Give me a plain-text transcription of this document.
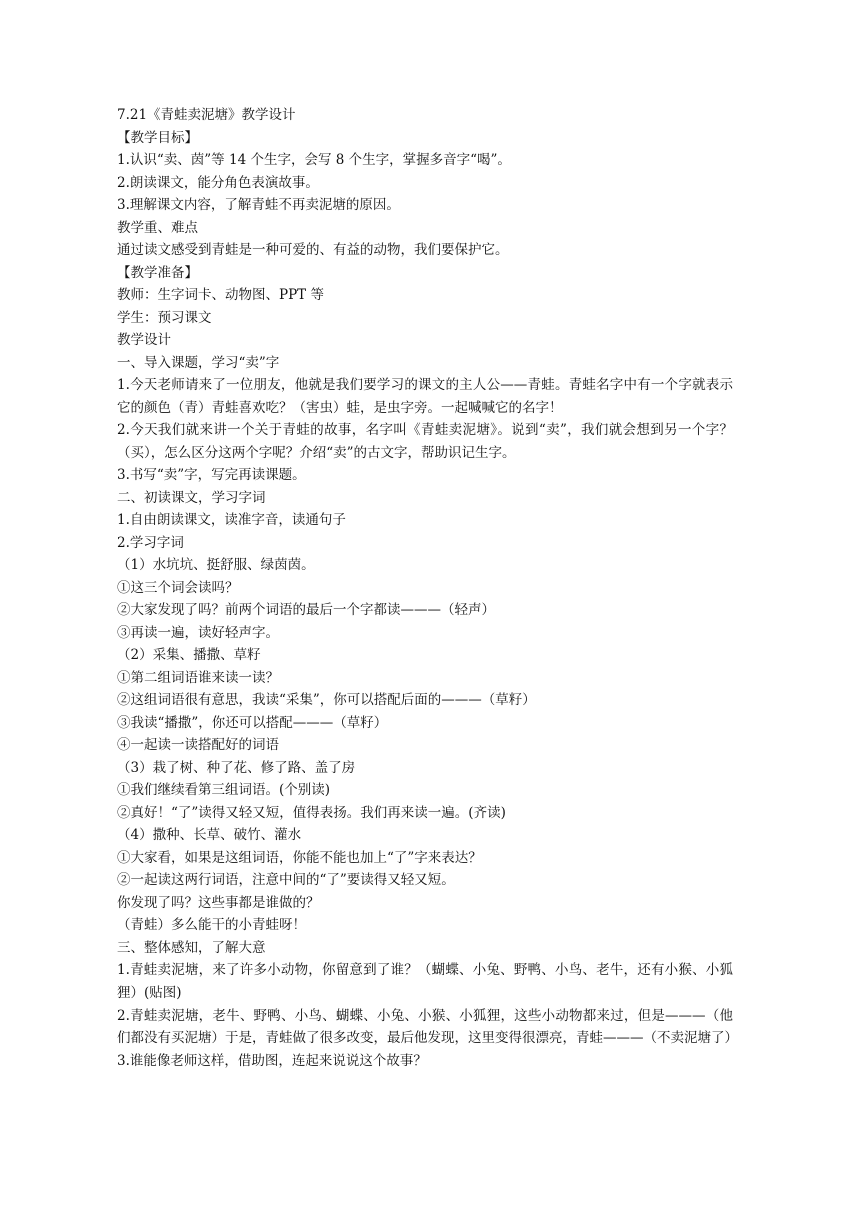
7.21《青蛙卖泥塘》教学设计

【教学目标】

1.认识“卖、茵”等 14 个生字，会写 8 个生字，掌握多音字“喝”。

2.朗读课文，能分角色表演故事。

3.理解课文内容，了解青蛙不再卖泥塘的原因。

教学重、难点

通过读文感受到青蛙是一种可爱的、有益的动物，我们要保护它。

【教学准备】

教师：生字词卡、动物图、PPT 等

学生：预习课文

教学设计

一、导入课题，学习“卖”字

1.今天老师请来了一位朋友，他就是我们要学习的课文的主人公——青蛙。青蛙名字中有一个字就表示它的颜色（青）青蛙喜欢吃？（害虫）蛙，是虫字旁。一起喊喊它的名字！

2.今天我们就来讲一个关于青蛙的故事，名字叫《青蛙卖泥塘》。说到“卖”，我们就会想到另一个字？（买），怎么区分这两个字呢？介绍“卖”的古文字，帮助识记生字。

3.书写“卖”字，写完再读课题。

二、初读课文，学习字词

1.自由朗读课文，读准字音，读通句子

2.学习字词

（1）水坑坑、挺舒服、绿茵茵。

①这三个词会读吗？

②大家发现了吗？前两个词语的最后一个字都读———（轻声）

③再读一遍，读好轻声字。

（2）采集、播撒、草籽

①第二组词语谁来读一读？

②这组词语很有意思，我读“采集”，你可以搭配后面的———（草籽）

③我读“播撒”，你还可以搭配———（草籽）

④一起读一读搭配好的词语

（3）栽了树、种了花、修了路、盖了房

①我们继续看第三组词语。(个别读)

②真好！“了”读得又轻又短，值得表扬。我们再来读一遍。(齐读)

（4）撒种、长草、破竹、灌水

①大家看，如果是这组词语，你能不能也加上“了”字来表达？

②一起读这两行词语，注意中间的“了”要读得又轻又短。

你发现了吗？这些事都是谁做的？

（青蛙）多么能干的小青蛙呀！

三、整体感知，了解大意

1.青蛙卖泥塘，来了许多小动物，你留意到了谁？（蝴蝶、小兔、野鸭、小鸟、老牛，还有小猴、小狐狸）(贴图)

2.青蛙卖泥塘，老牛、野鸭、小鸟、蝴蝶、小兔、小猴、小狐狸，这些小动物都来过，但是———（他们都没有买泥塘）于是，青蛙做了很多改变，最后他发现，这里变得很漂亮，青蛙———（不卖泥塘了）

3.谁能像老师这样，借助图，连起来说说这个故事？
